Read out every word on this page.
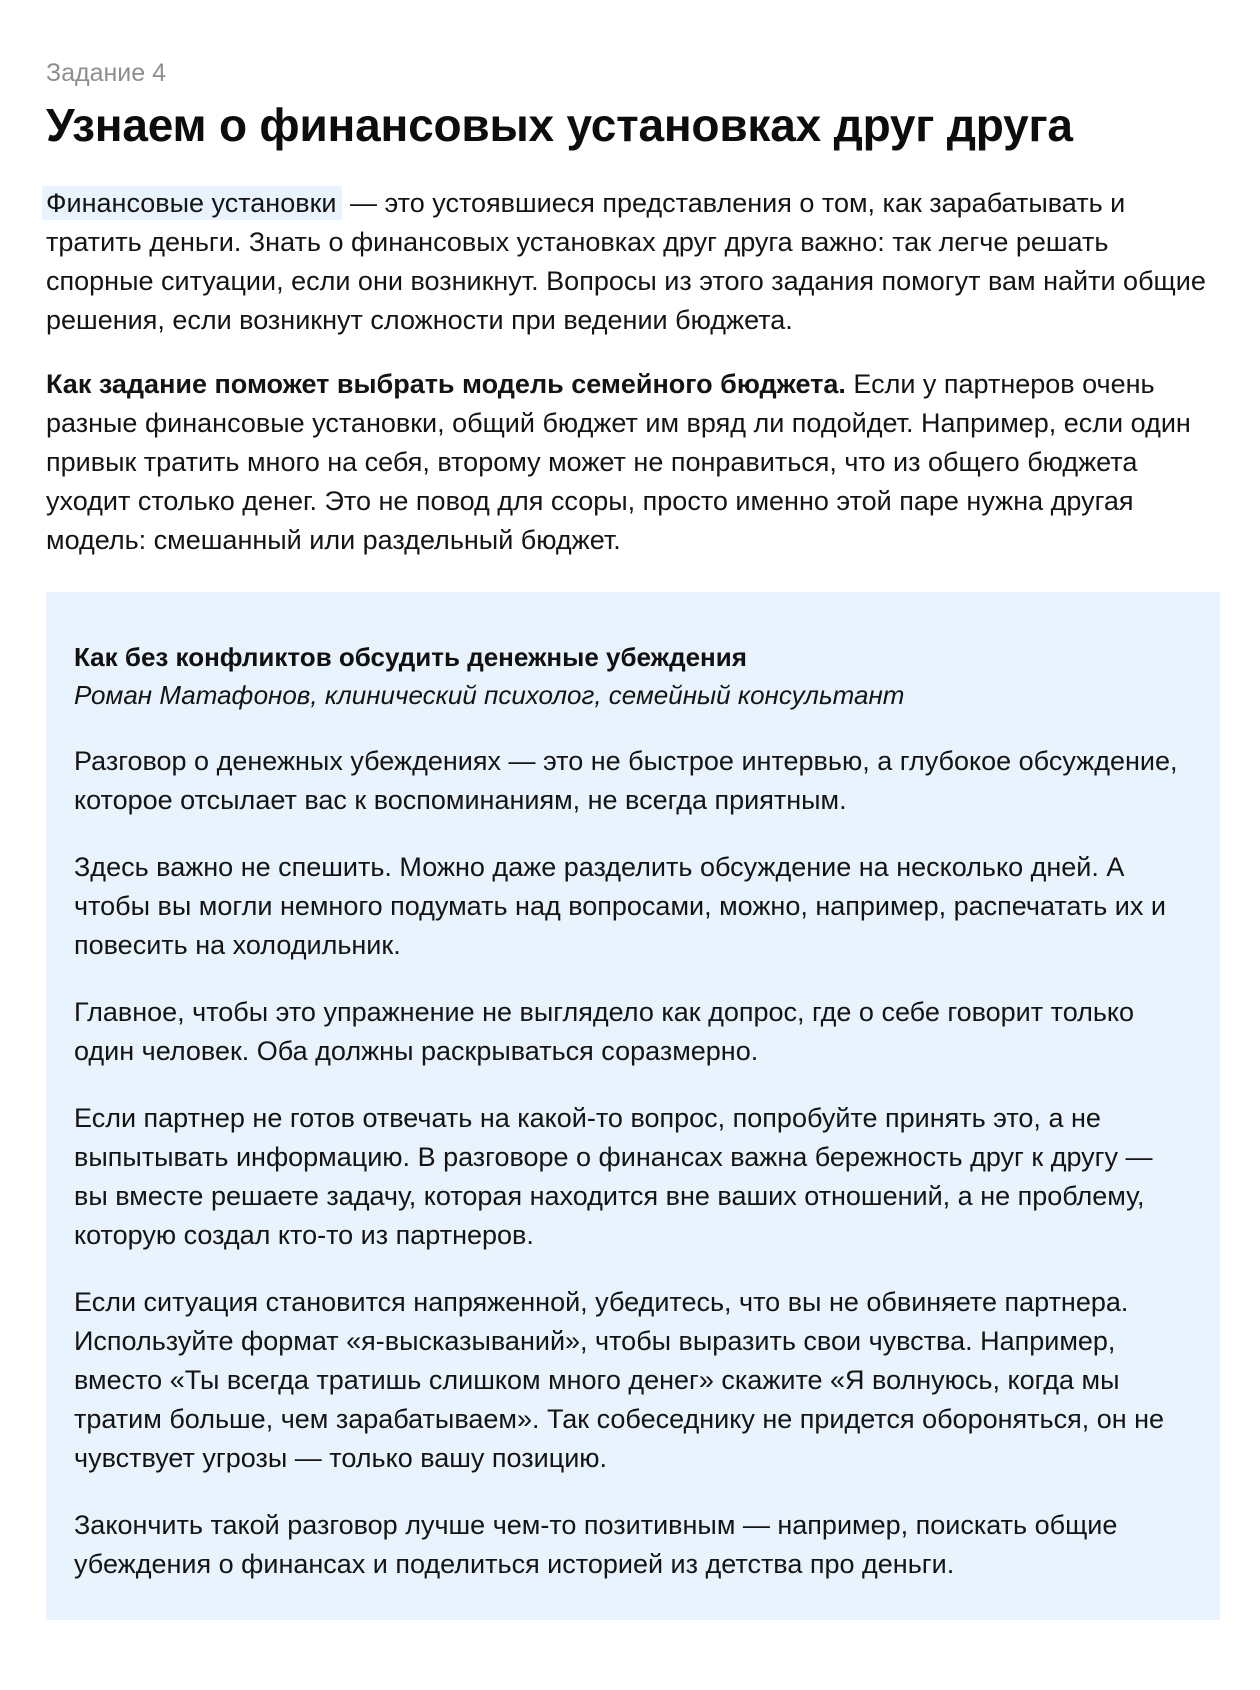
Задание 4
Узнаем о финансовых установках друг друга

Финансовые установки — это устоявшиеся представления о том, как зарабатывать и тратить деньги. Знать о финансовых установках друг друга важно: так легче решать спорные ситуации, если они возникнут. Вопросы из этого задания помогут вам найти общие решения, если возникнут сложности при ведении бюджета.

Как задание поможет выбрать модель семейного бюджета. Если у партнеров очень разные финансовые установки, общий бюджет им вряд ли подойдет. Например, если один привык тратить много на себя, второму может не понравиться, что из общего бюджета уходит столько денег. Это не повод для ссоры, просто именно этой паре нужна другая модель: смешанный или раздельный бюджет.

Как без конфликтов обсудить денежные убеждения

Роман Матафонов, клинический психолог, семейный консультант

Разговор о денежных убеждениях — это не быстрое интервью, а глубокое обсуждение, которое отсылает вас к воспоминаниям, не всегда приятным.

Здесь важно не спешить. Можно даже разделить обсуждение на несколько дней. А чтобы вы могли немного подумать над вопросами, можно, например, распечатать их и повесить на холодильник.

Главное, чтобы это упражнение не выглядело как допрос, где о себе говорит только один человек. Оба должны раскрываться соразмерно.

Если партнер не готов отвечать на какой-то вопрос, попробуйте принять это, а не выпытывать информацию. В разговоре о финансах важна бережность друг к другу — вы вместе решаете задачу, которая находится вне ваших отношений, а не проблему, которую создал кто-то из партнеров.

Если ситуация становится напряженной, убедитесь, что вы не обвиняете партнера. Используйте формат «я-высказываний», чтобы выразить свои чувства. Например, вместо «Ты всегда тратишь слишком много денег» скажите «Я волнуюсь, когда мы тратим больше, чем зарабатываем». Так собеседнику не придется обороняться, он не чувствует угрозы — только вашу позицию.

Закончить такой разговор лучше чем-то позитивным — например, поискать общие убеждения о финансах и поделиться историей из детства про деньги.
